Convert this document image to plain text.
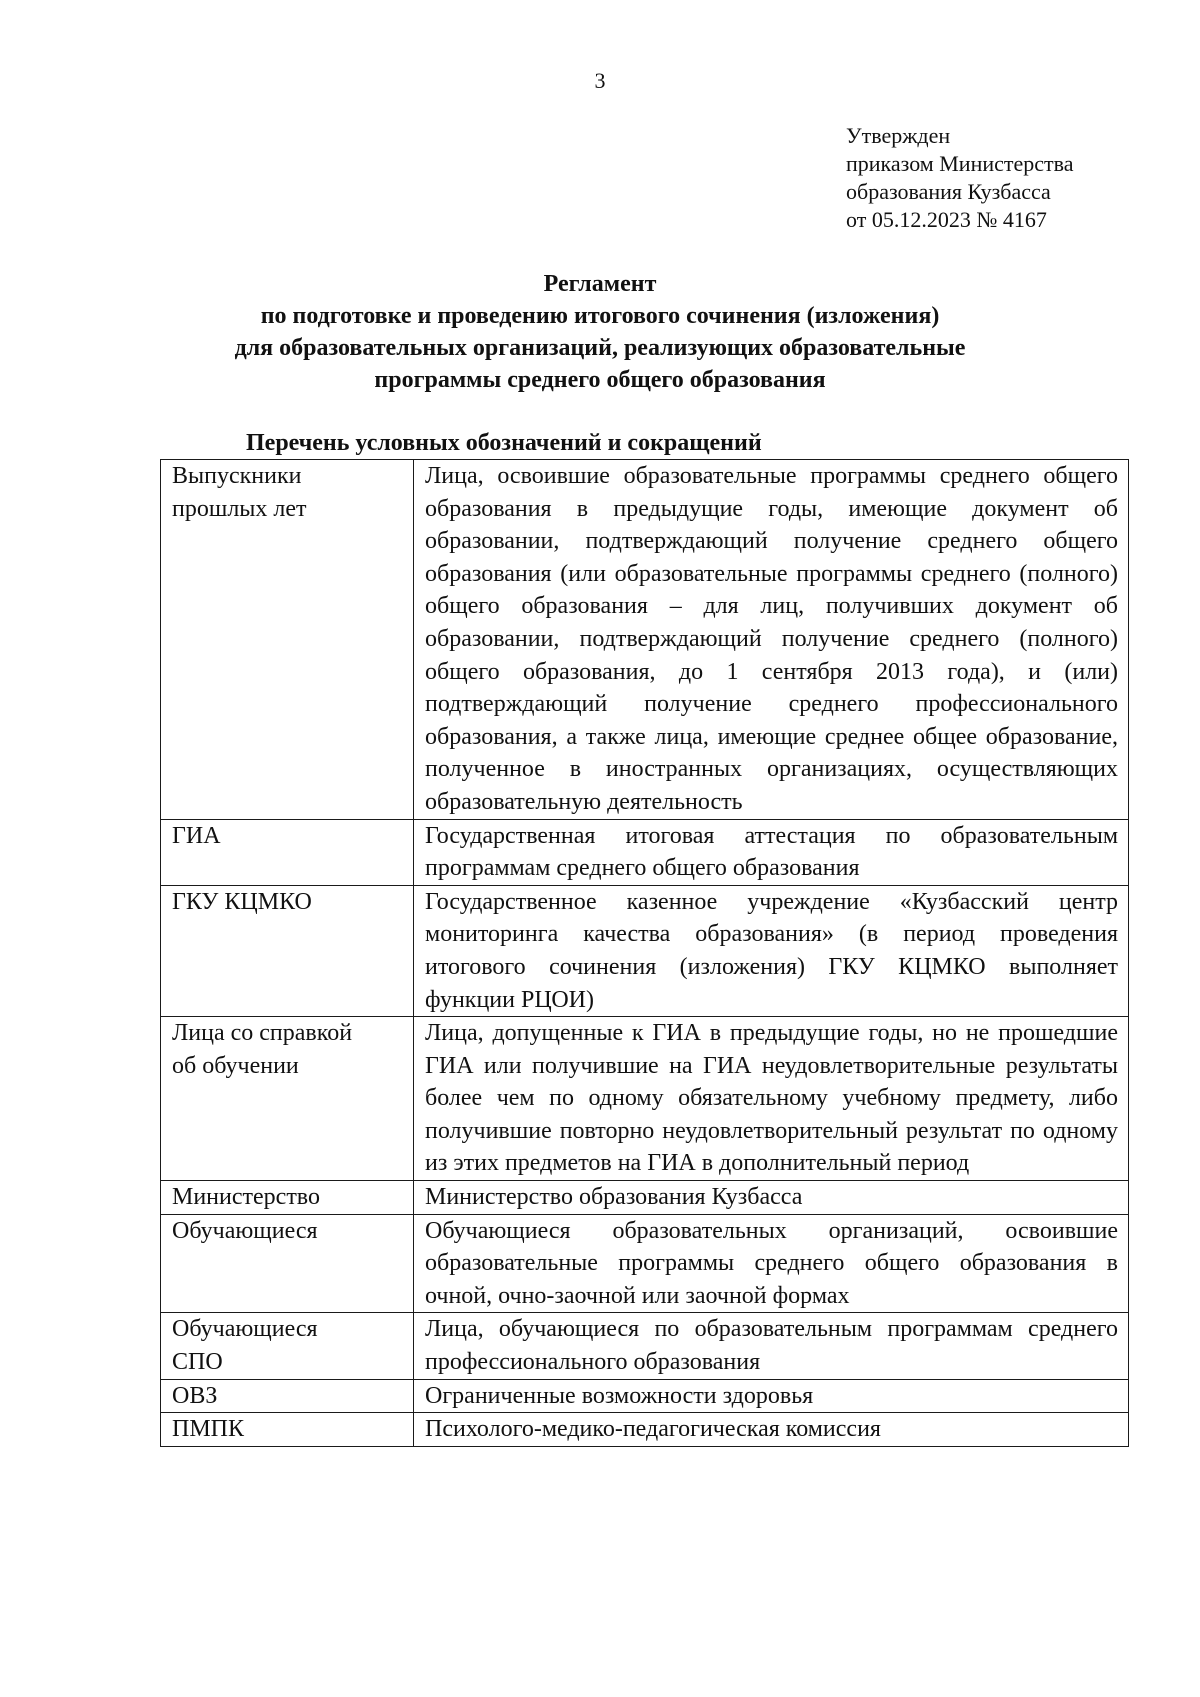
3
Утвержден
приказом Министерства
образования Кузбасса
от 05.12.2023 № 4167
Регламент
по подготовке и проведению итогового сочинения (изложения)
для образовательных организаций, реализующих образовательные
программы среднего общего образования
Перечень условных обозначений и сокращений
Выпускники
прошлых лет	Лица, освоившие образовательные программы среднего общего образования в предыдущие годы, имеющие документ об образовании, подтверждающий получение среднего общего образования (или образовательные программы среднего (полного) общего образования – для лиц, получивших документ об образовании, подтверждающий получение среднего (полного) общего образования, до 1 сентября 2013 года), и (или) подтверждающий получение среднего профессионального образования, а также лица, имеющие среднее общее образование, полученное в иностранных организациях, осуществляющих образовательную деятельность

ГИА	Государственная итоговая аттестация по образовательным программам среднего общего образования

ГКУ КЦМКО	Государственное казенное учреждение «Кузбасский центр мониторинга качества образования» (в период проведения итогового сочинения (изложения) ГКУ КЦМКО выполняет функции РЦОИ)

Лица со справкой
об обучении	Лица, допущенные к ГИА в предыдущие годы, но не прошедшие ГИА или получившие на ГИА неудовлетворительные результаты более чем по одному обязательному учебному предмету, либо получившие повторно неудовлетворительный результат по одному из этих предметов на ГИА в дополнительный период

Министерство	Министерство образования Кузбасса

Обучающиеся	Обучающиеся образовательных организаций, освоившие образовательные программы среднего общего образования в очной, очно-заочной или заочной формах

Обучающиеся
СПО	Лица, обучающиеся по образовательным программам среднего профессионального образования

ОВЗ	Ограниченные возможности здоровья

ПМПК	Психолого-медико-педагогическая комиссия
